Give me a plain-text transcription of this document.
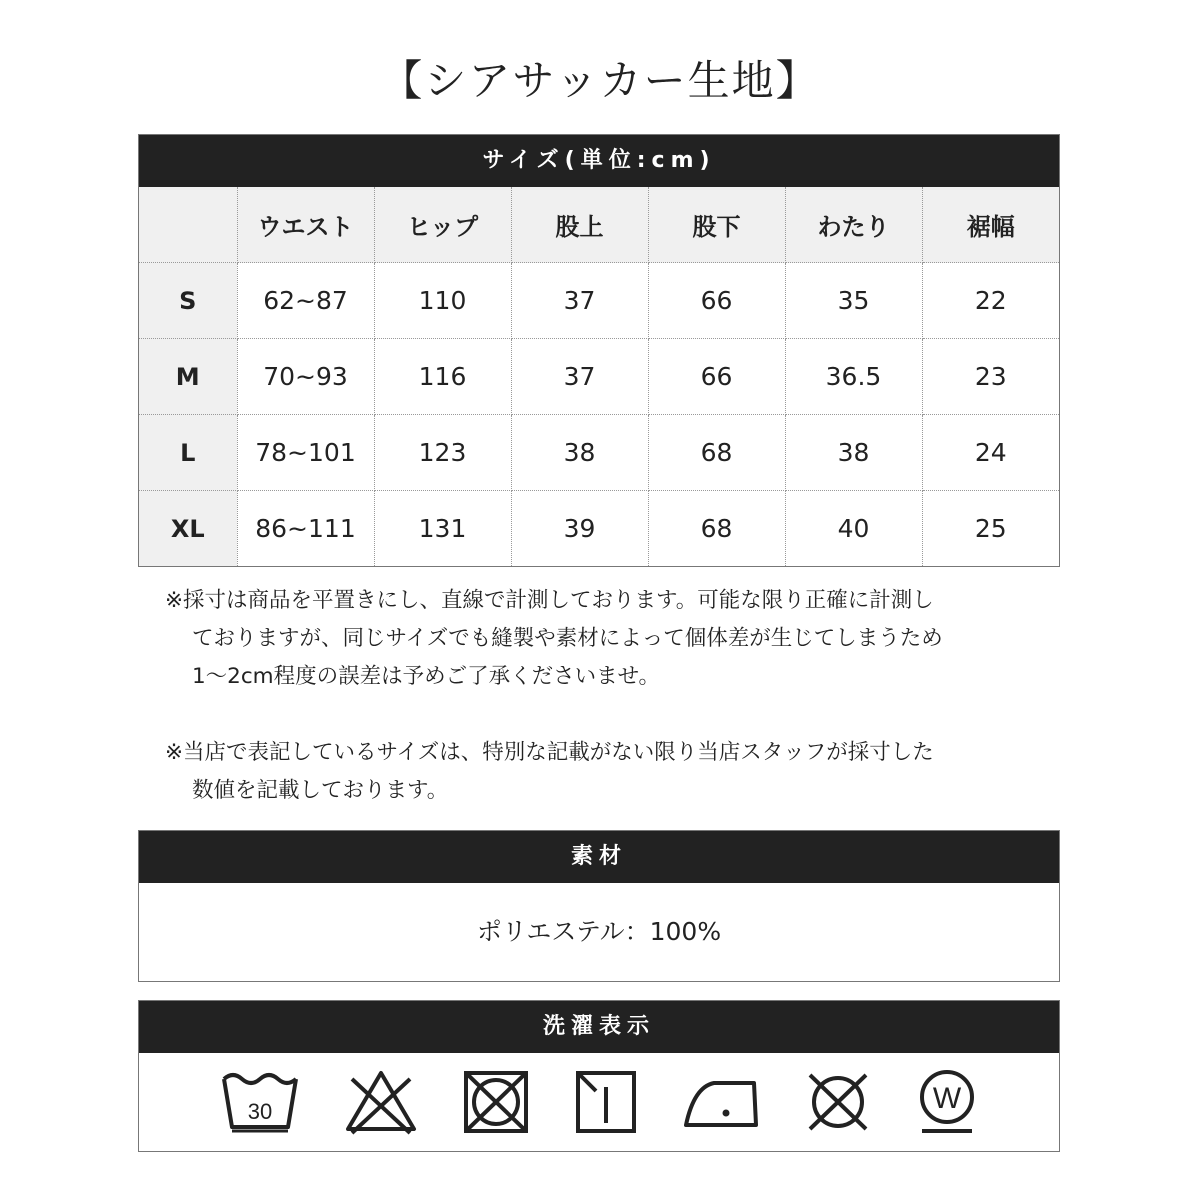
【シアサッカー生地】
サイズ(単位:cm)
	ウエスト	ヒップ	股上	股下	わたり	裾幅
S	62~87	110	37	66	35	22
M	70~93	116	37	66	36.5	23
L	78~101	123	38	68	38	24
XL	86~111	131	39	68	40	25
※採寸は商品を平置きにし、直線で計測しております。可能な限り正確に計測し
ておりますが、同じサイズでも縫製や素材によって個体差が生じてしまうため
1～2cm程度の誤差は予めご了承くださいませ。
※当店で表記しているサイズは、特別な記載がない限り当店スタッフが採寸した
数値を記載しております。
素材
ポリエステル：100%
洗濯表示
30	W
